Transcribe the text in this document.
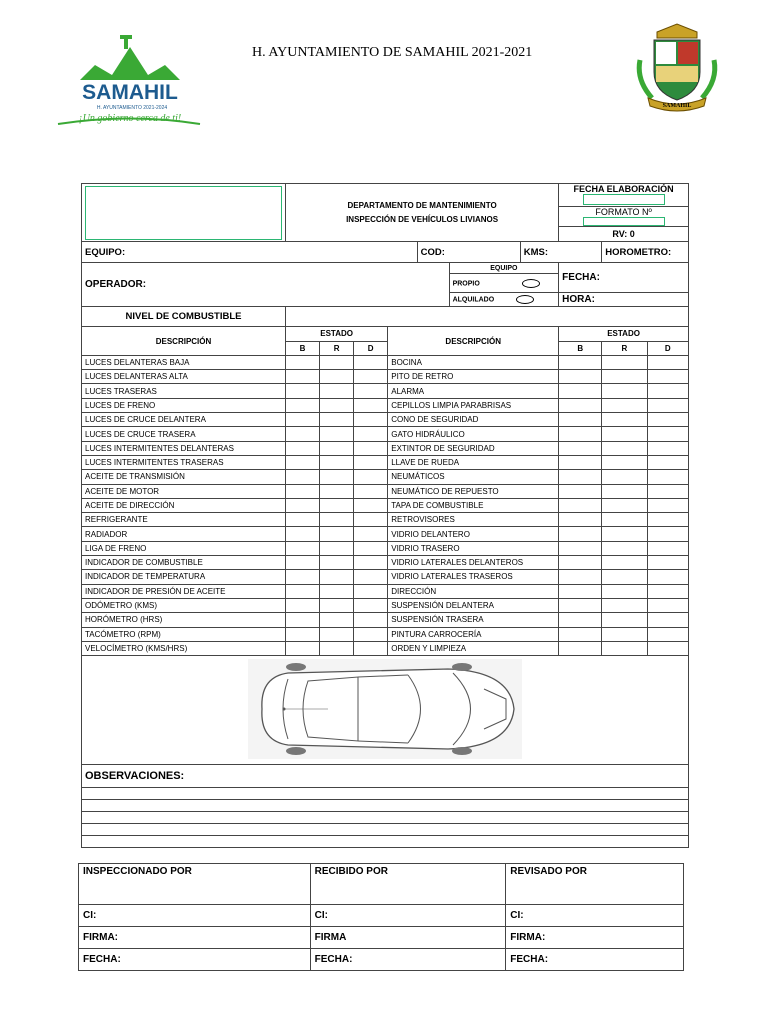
SAMAHIL
H. AYUNTAMIENTO 2021-2024
¡Un gobierno cerca de ti!
H. AYUNTAMIENTO DE SAMAHIL 2021-2021
SAMAHIL

	DEPARTAMENTO DE MANTENIMIENTO
INSPECCIÓN DE VEHÍCULOS LIVIANOS							FECHA ELABORACIÓN		

								FORMATO Nº		

								RV: 0		
EQUIPO:					COD:		KMS:		HOROMETRO:	
OPERADOR:						EQUIPO		FECHA:		
						PROPIO				
						ALQUILADO		HORA:		
NIVEL DE COMBUSTIBLE										
DESCRIPCIÓN	ESTADO			DESCRIPCIÓN				ESTADO		
	B	R	D					B	R	D
LUCES DELANTERAS BAJA				BOCINA						
LUCES DELANTERAS ALTA				PITO DE RETRO						
LUCES TRASERAS				ALARMA						
LUCES DE FRENO				CEPILLOS LIMPIA PARABRISAS						
LUCES DE CRUCE DELANTERA				CONO DE SEGURIDAD						
LUCES DE CRUCE TRASERA				GATO HIDRÁULICO						
LUCES INTERMITENTES DELANTERAS				EXTINTOR DE SEGURIDAD						
LUCES INTERMITENTES TRASERAS				LLAVE DE RUEDA						
ACEITE DE TRANSMISIÓN				NEUMÁTICOS						
ACEITE DE MOTOR				NEUMÁTICO DE REPUESTO						
ACEITE DE DIRECCIÓN				TAPA DE COMBUSTIBLE						
REFRIGERANTE				RETROVISORES						
RADIADOR				VIDRIO DELANTERO						
LIGA DE FRENO				VIDRIO TRASERO						
INDICADOR DE COMBUSTIBLE				VIDRIO LATERALES DELANTEROS						
INDICADOR DE TEMPERATURA				VIDRIO LATERALES TRASEROS						
INDICADOR DE PRESIÓN DE ACEITE				DIRECCIÓN						
ODÓMETRO (KMS)				SUSPENSIÓN DELANTERA						
HORÓMETRO (HRS)				SUSPENSIÓN TRASERA						
TACÓMETRO (RPM)				PINTURA CARROCERÍA						
VELOCÍMETRO (KMS/HRS)				ORDEN Y LIMPIEZA						

OBSERVACIONES:										

INSPECCIONADO POR	RECIBIDO POR	REVISADO POR
CI:	CI:	CI:
FIRMA:	FIRMA	FIRMA:
FECHA:	FECHA:	FECHA:
